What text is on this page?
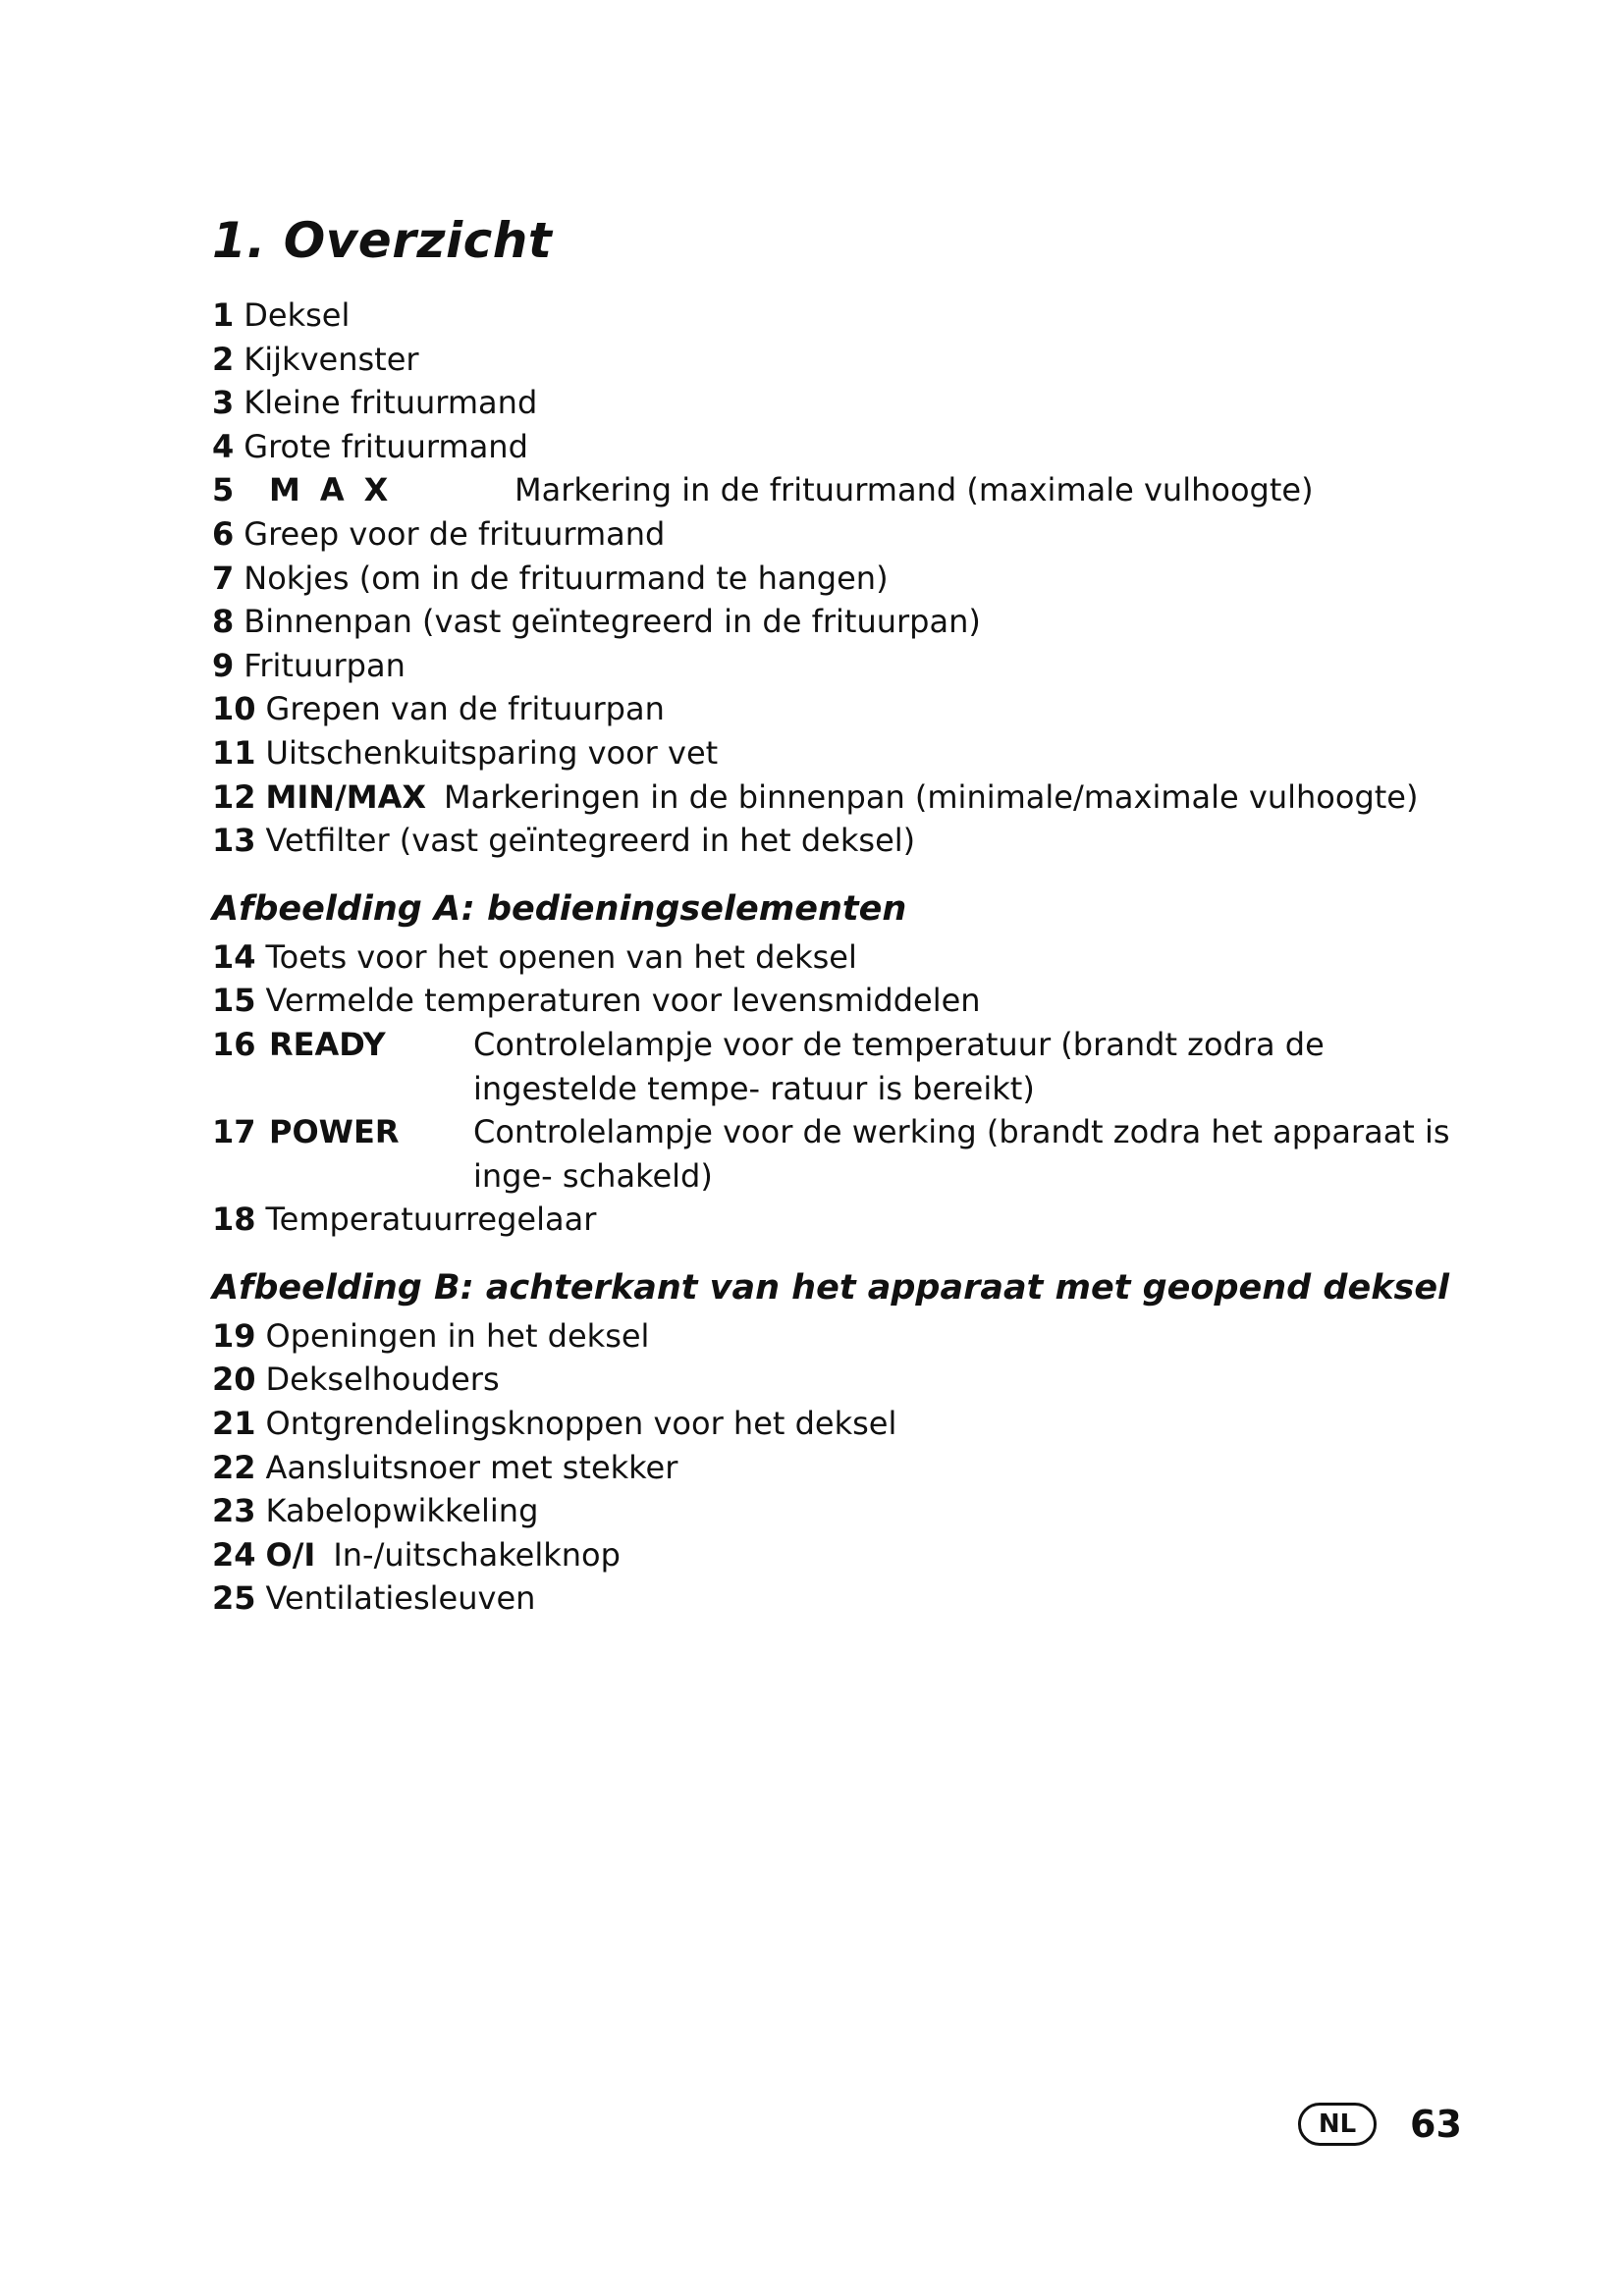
1. Overzicht
1 Deksel
2 Kijkvenster
3 Kleine frituurmand
4 Grote frituurmand
5	MAX	Markering in de frituurmand (maximale vulhoogte)
6 Greep voor de frituurmand
7 Nokjes (om in de frituurmand te hangen)
8 Binnenpan (vast geïntegreerd in de frituurpan)
9 Frituurpan
10 Grepen van de frituurpan
11 Uitschenkuitsparing voor vet
12 MIN/MAX Markeringen in de binnenpan (minimale/maximale vulhoogte)
13 Vetfilter (vast geïntegreerd in het deksel)
Afbeelding A: bedieningselementen
14 Toets voor het openen van het deksel
15 Vermelde temperaturen voor levensmiddelen
16 READY	Controlelampje voor de temperatuur (brandt zodra de ingestelde tempe- ratuur is bereikt)
17 POWER	Controlelampje voor de werking (brandt zodra het apparaat is inge- schakeld)
18 Temperatuurregelaar
Afbeelding B: achterkant van het apparaat met geopend deksel
19 Openingen in het deksel
20 Dekselhouders
21 Ontgrendelingsknoppen voor het deksel
22 Aansluitsnoer met stekker
23 Kabelopwikkeling
24 O/I In-/uitschakelknop
25 Ventilatiesleuven
NL	63
